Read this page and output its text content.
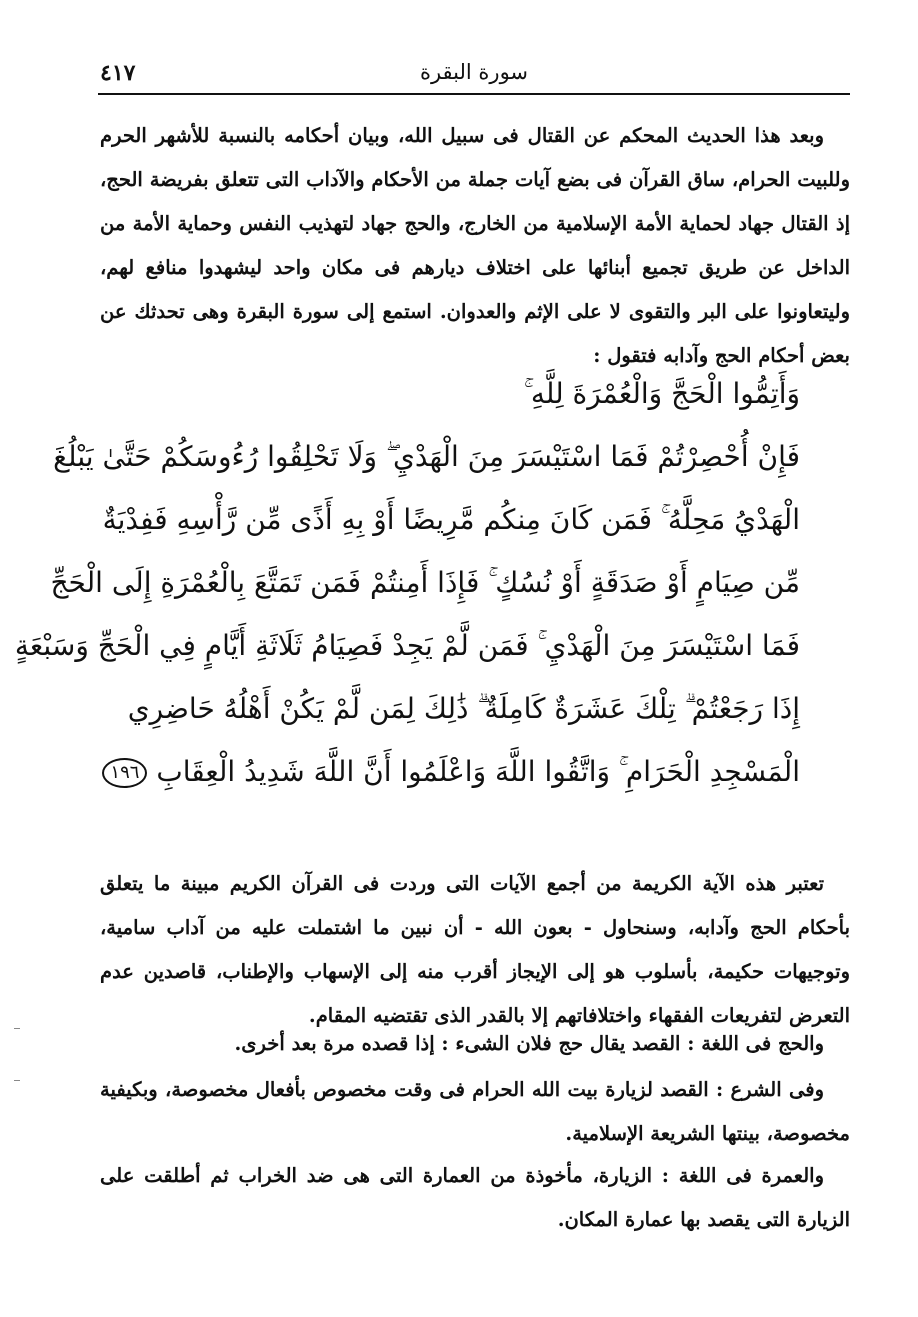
٤١٧	سورة البقرة

وبعد هذا الحديث المحكم عن القتال فى سبيل الله، وبيان أحكامه بالنسبة للأشهر الحرم وللبيت الحرام، ساق القرآن فى بضع آيات جملة من الأحكام والآداب التى تتعلق بفريضة الحج، إذ القتال جهاد لحماية الأمة الإسلامية من الخارج، والحج جهاد لتهذيب النفس وحماية الأمة من الداخل عن طريق تجميع أبنائها على اختلاف ديارهم فى مكان واحد ليشهدوا منافع لهم، وليتعاونوا على البر والتقوى لا على الإثم والعدوان. استمع إلى سورة البقرة وهى تحدثك عن بعض أحكام الحج وآدابه فتقول :

وَأَتِمُّوا الْحَجَّ وَالْعُمْرَةَ لِلَّهِ ۚ
فَإِنْ أُحْصِرْتُمْ فَمَا اسْتَيْسَرَ مِنَ الْهَدْيِ ۖ وَلَا تَحْلِقُوا رُءُوسَكُمْ حَتَّىٰ يَبْلُغَ
الْهَدْيُ مَحِلَّهُ ۚ فَمَن كَانَ مِنكُم مَّرِيضًا أَوْ بِهِ أَذًى مِّن رَّأْسِهِ فَفِدْيَةٌ
مِّن صِيَامٍ أَوْ صَدَقَةٍ أَوْ نُسُكٍ ۚ فَإِذَا أَمِنتُمْ فَمَن تَمَتَّعَ بِالْعُمْرَةِ إِلَى الْحَجِّ
فَمَا اسْتَيْسَرَ مِنَ الْهَدْيِ ۚ فَمَن لَّمْ يَجِدْ فَصِيَامُ ثَلَاثَةِ أَيَّامٍ فِي الْحَجِّ وَسَبْعَةٍ
إِذَا رَجَعْتُمْ ۗ تِلْكَ عَشَرَةٌ كَامِلَةٌ ۗ ذَٰلِكَ لِمَن لَّمْ يَكُنْ أَهْلُهُ حَاضِرِي
الْمَسْجِدِ الْحَرَامِ ۚ وَاتَّقُوا اللَّهَ وَاعْلَمُوا أَنَّ اللَّهَ شَدِيدُ الْعِقَابِ ١٩٦

تعتبر هذه الآية الكريمة من أجمع الآيات التى وردت فى القرآن الكريم مبينة ما يتعلق بأحكام الحج وآدابه، وسنحاول - بعون الله - أن نبين ما اشتملت عليه من آداب سامية، وتوجيهات حكيمة، بأسلوب هو إلى الإيجاز أقرب منه إلى الإسهاب والإطناب، قاصدين عدم التعرض لتفريعات الفقهاء واختلافاتهم إلا بالقدر الذى تقتضيه المقام.

والحج فى اللغة : القصد يقال حج فلان الشىء : إذا قصده مرة بعد أخرى.

وفى الشرع : القصد لزيارة بيت الله الحرام فى وقت مخصوص بأفعال مخصوصة، وبكيفية مخصوصة، بينتها الشريعة الإسلامية.

والعمرة فى اللغة : الزيارة، مأخوذة من العمارة التى هى ضد الخراب ثم أطلقت على الزيارة التى يقصد بها عمارة المكان.
